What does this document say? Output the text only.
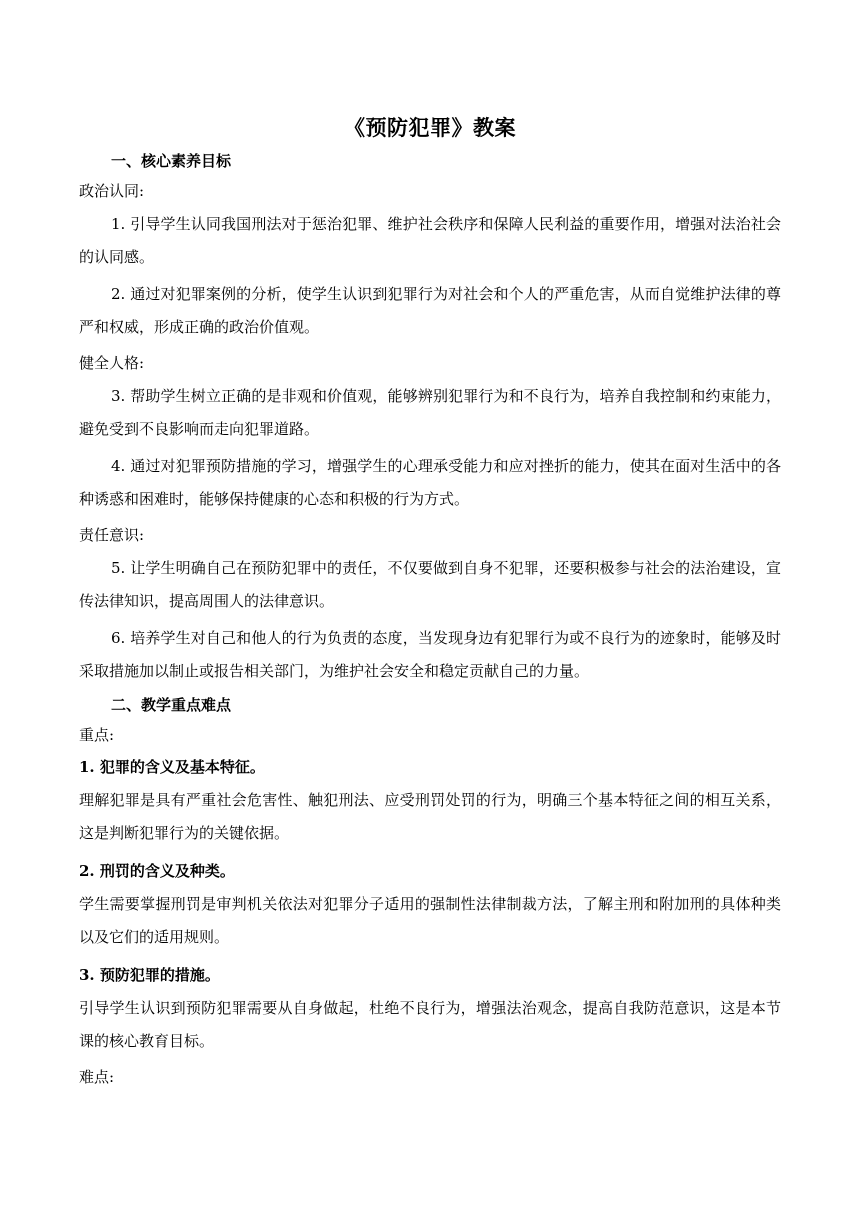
《预防犯罪》教案
一、核心素养目标
政治认同:

1. 引导学生认同我国刑法对于惩治犯罪、维护社会秩序和保障人民利益的重要作用，增强对法治社会的认同感。

2. 通过对犯罪案例的分析，使学生认识到犯罪行为对社会和个人的严重危害，从而自觉维护法律的尊严和权威，形成正确的政治价值观。

健全人格:

3. 帮助学生树立正确的是非观和价值观，能够辨别犯罪行为和不良行为，培养自我控制和约束能力，避免受到不良影响而走向犯罪道路。

4. 通过对犯罪预防措施的学习，增强学生的心理承受能力和应对挫折的能力，使其在面对生活中的各种诱惑和困难时，能够保持健康的心态和积极的行为方式。

责任意识:

5. 让学生明确自己在预防犯罪中的责任，不仅要做到自身不犯罪，还要积极参与社会的法治建设，宣传法律知识，提高周围人的法律意识。

6. 培养学生对自己和他人的行为负责的态度，当发现身边有犯罪行为或不良行为的迹象时，能够及时采取措施加以制止或报告相关部门，为维护社会安全和稳定贡献自己的力量。

二、教学重点难点
重点:
1. 犯罪的含义及基本特征。

理解犯罪是具有严重社会危害性、触犯刑法、应受刑罚处罚的行为，明确三个基本特征之间的相互关系，这是判断犯罪行为的关键依据。

2. 刑罚的含义及种类。

学生需要掌握刑罚是审判机关依法对犯罪分子适用的强制性法律制裁方法，了解主刑和附加刑的具体种类以及它们的适用规则。

3. 预防犯罪的措施。

引导学生认识到预防犯罪需要从自身做起，杜绝不良行为，增强法治观念，提高自我防范意识，这是本节课的核心教育目标。

难点:
